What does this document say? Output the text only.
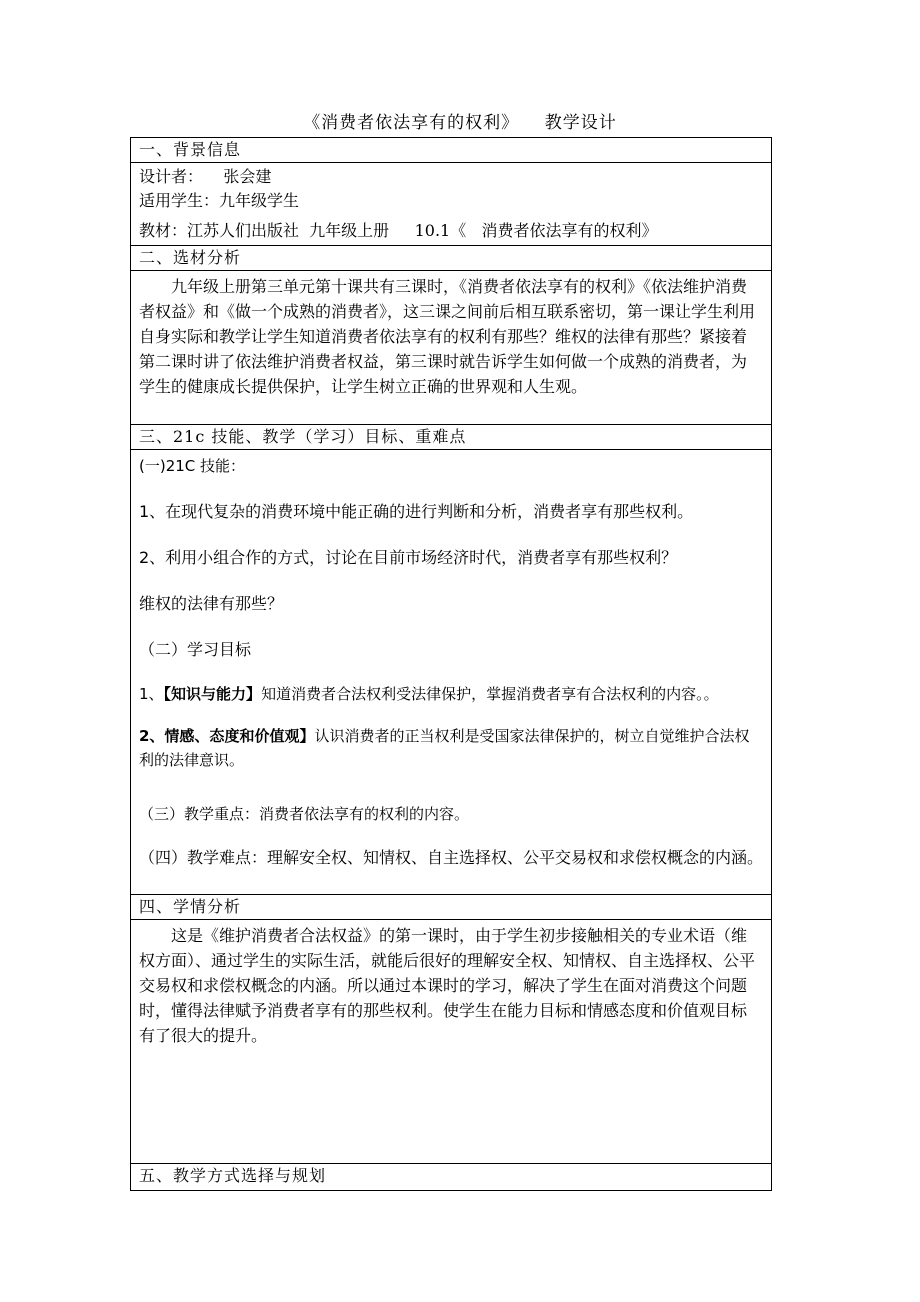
《消费者依法享有的权利》    教学设计
一、背景信息

设计者：    张会建
适用学生：九年级学生
教材：江苏人们出版社  九年级上册     10.1《   消费者依法享有的权利》

二、选材分析

九年级上册第三单元第十课共有三课时，《消费者依法享有的权利》《依法维护消费者权益》和《做一个成熟的消费者》，这三课之间前后相互联系密切，第一课让学生利用自身实际和教学让学生知道消费者依法享有的权利有那些？维权的法律有那些？紧接着第二课时讲了依法维护消费者权益，第三课时就告诉学生如何做一个成熟的消费者，为学生的健康成长提供保护，让学生树立正确的世界观和人生观。

三、21c 技能、教学（学习）目标、重难点

(一)21C 技能：
1、在现代复杂的消费环境中能正确的进行判断和分析，消费者享有那些权利。
2、利用小组合作的方式，讨论在目前市场经济时代，消费者享有那些权利？
维权的法律有那些？
（二）学习目标
1、【知识与能力】知道消费者合法权利受法律保护，掌握消费者享有合法权利的内容。。
2、情感、态度和价值观】认识消费者的正当权利是受国家法律保护的，树立自觉维护合法权利的法律意识。
（三）教学重点：消费者依法享有的权利的内容。
（四）教学难点：理解安全权、知情权、自主选择权、公平交易权和求偿权概念的内涵。

四、学情分析

这是《维护消费者合法权益》的第一课时，由于学生初步接触相关的专业术语（维权方面）、通过学生的实际生活，就能后很好的理解安全权、知情权、自主选择权、公平交易权和求偿权概念的内涵。所以通过本课时的学习，解决了学生在面对消费这个问题时，懂得法律赋予消费者享有的那些权利。使学生在能力目标和情感态度和价值观目标有了很大的提升。

五、教学方式选择与规划
